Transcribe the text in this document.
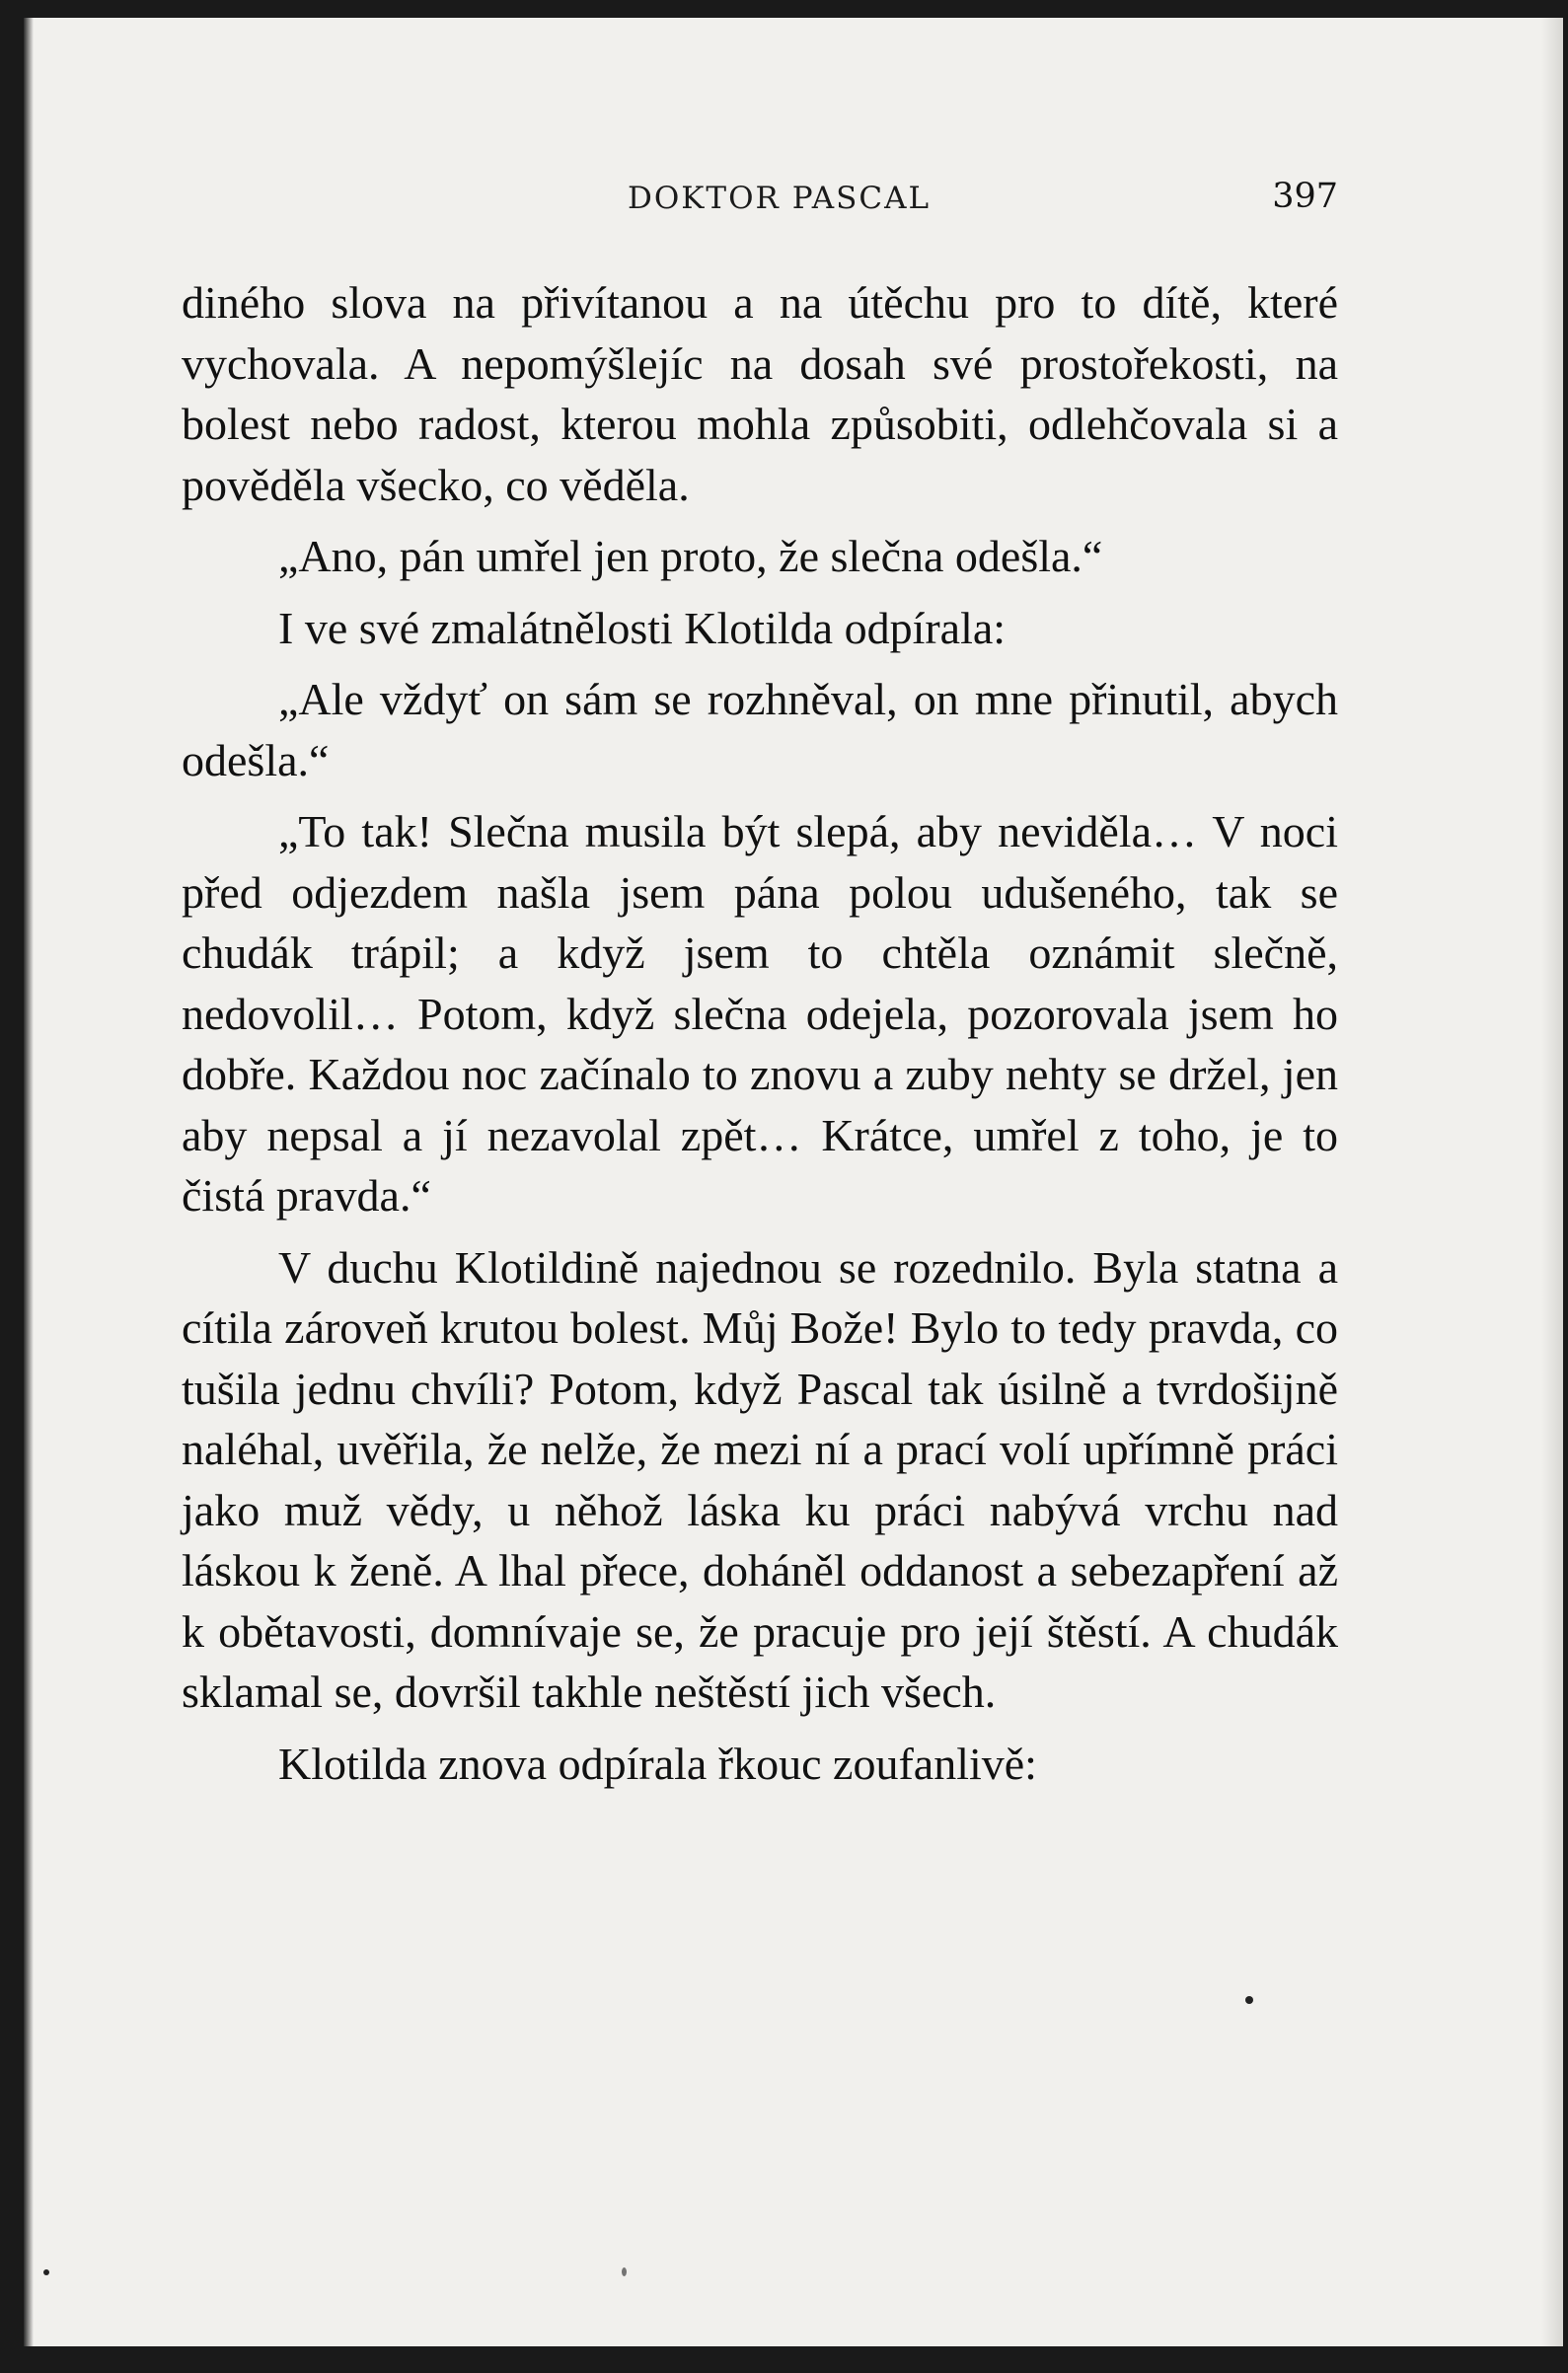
DOKTOR PASCAL	397

diného slova na přivítanou a na útěchu pro to dítě, které vychovala. A nepomýšlejíc na dosah své prostořekosti, na bolest nebo radost, kterou mohla způsobiti, odlehčovala si a pověděla všecko, co věděla.

„Ano, pán umřel jen proto, že slečna odešla.“

I ve své zmalátnělosti Klotilda odpírala:

„Ale vždyť on sám se rozhněval, on mne přinutil, abych odešla.“

„To tak! Slečna musila být slepá, aby neviděla… V noci před odjezdem našla jsem pána polou udušeného, tak se chudák trápil; a když jsem to chtěla oznámit slečně, nedovolil… Potom, když slečna odejela, pozorovala jsem ho dobře. Každou noc začínalo to znovu a zuby nehty se držel, jen aby nepsal a jí nezavolal zpět… Krátce, umřel z toho, je to čistá pravda.“

V duchu Klotildině najednou se rozednilo. Byla statna a cítila zároveň krutou bolest. Můj Bože! Bylo to tedy pravda, co tušila jednu chvíli? Potom, když Pascal tak úsilně a tvrdošijně naléhal, uvěřila, že nelže, že mezi ní a prací volí upřímně práci jako muž vědy, u něhož láska ku práci nabývá vrchu nad láskou k ženě. A lhal přece, doháněl oddanost a sebezapření až k obětavosti, domnívaje se, že pracuje pro její štěstí. A chudák sklamal se, dovršil takhle neštěstí jich všech.

Klotilda znova odpírala řkouc zoufanlivě:
